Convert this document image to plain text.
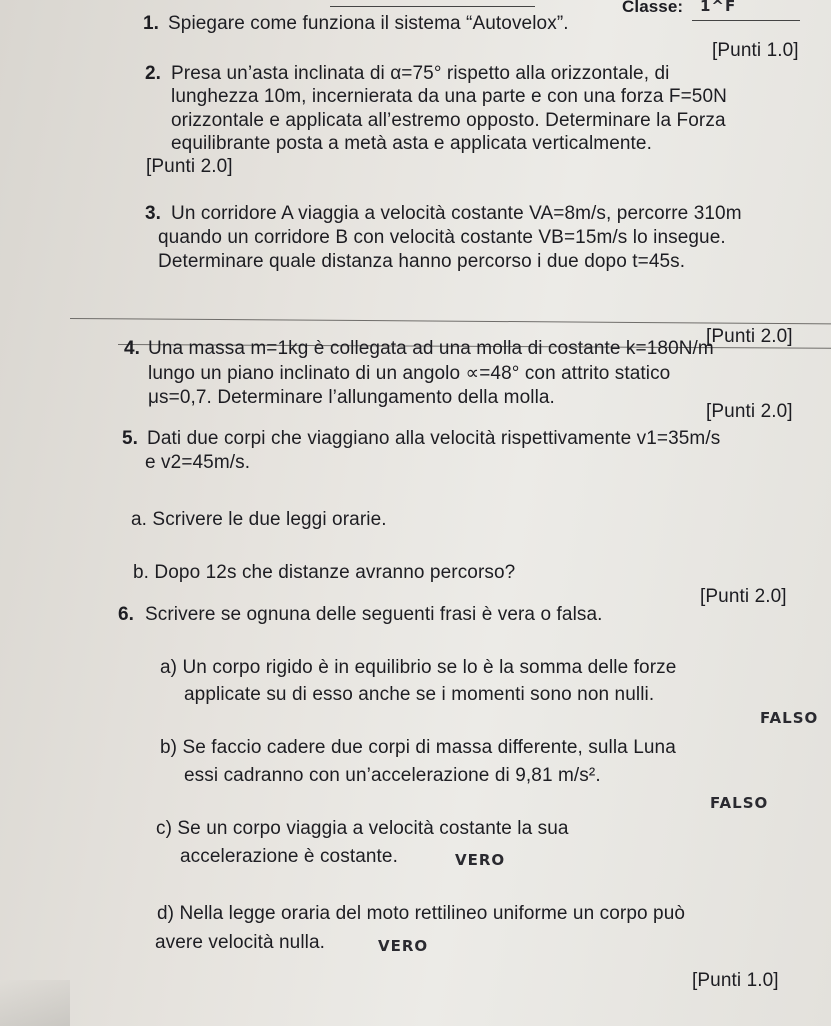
Classe: 1^F
1. Spiegare come funziona il sistema “Autovelox”.
[Punti 1.0]
2. Presa un’asta inclinata di α=75° rispetto alla orizzontale, di
lunghezza 10m, incernierata da una parte e con una forza F=50N
orizzontale e applicata all’estremo opposto. Determinare la Forza
equilibrante posta a metà asta e applicata verticalmente.
[Punti 2.0]
3. Un corridore A viaggia a velocità costante VA=8m/s, percorre 310m
quando un corridore B con velocità costante VB=15m/s lo insegue.
Determinare quale distanza hanno percorso i due dopo t=45s.
[Punti 2.0]
4. Una massa m=1kg è collegata ad una molla di costante k=180N/m
lungo un piano inclinato di un angolo ∝=48° con attrito statico
μs=0,7. Determinare l’allungamento della molla.
[Punti 2.0]
5. Dati due corpi che viaggiano alla velocità rispettivamente v1=35m/s
e v2=45m/s.
a. Scrivere le due leggi orarie.
b. Dopo 12s che distanze avranno percorso?
[Punti 2.0]
6. Scrivere se ognuna delle seguenti frasi è vera o falsa.
a) Un corpo rigido è in equilibrio se lo è la somma delle forze
applicate su di esso anche se i momenti sono non nulli.
FALSO
b) Se faccio cadere due corpi di massa differente, sulla Luna
essi cadranno con un’accelerazione di 9,81 m/s².
FALSO
c) Se un corpo viaggia a velocità costante la sua
accelerazione è costante.	VERO
d) Nella legge oraria del moto rettilineo uniforme un corpo può
avere velocità nulla.	VERO
[Punti 1.0]
